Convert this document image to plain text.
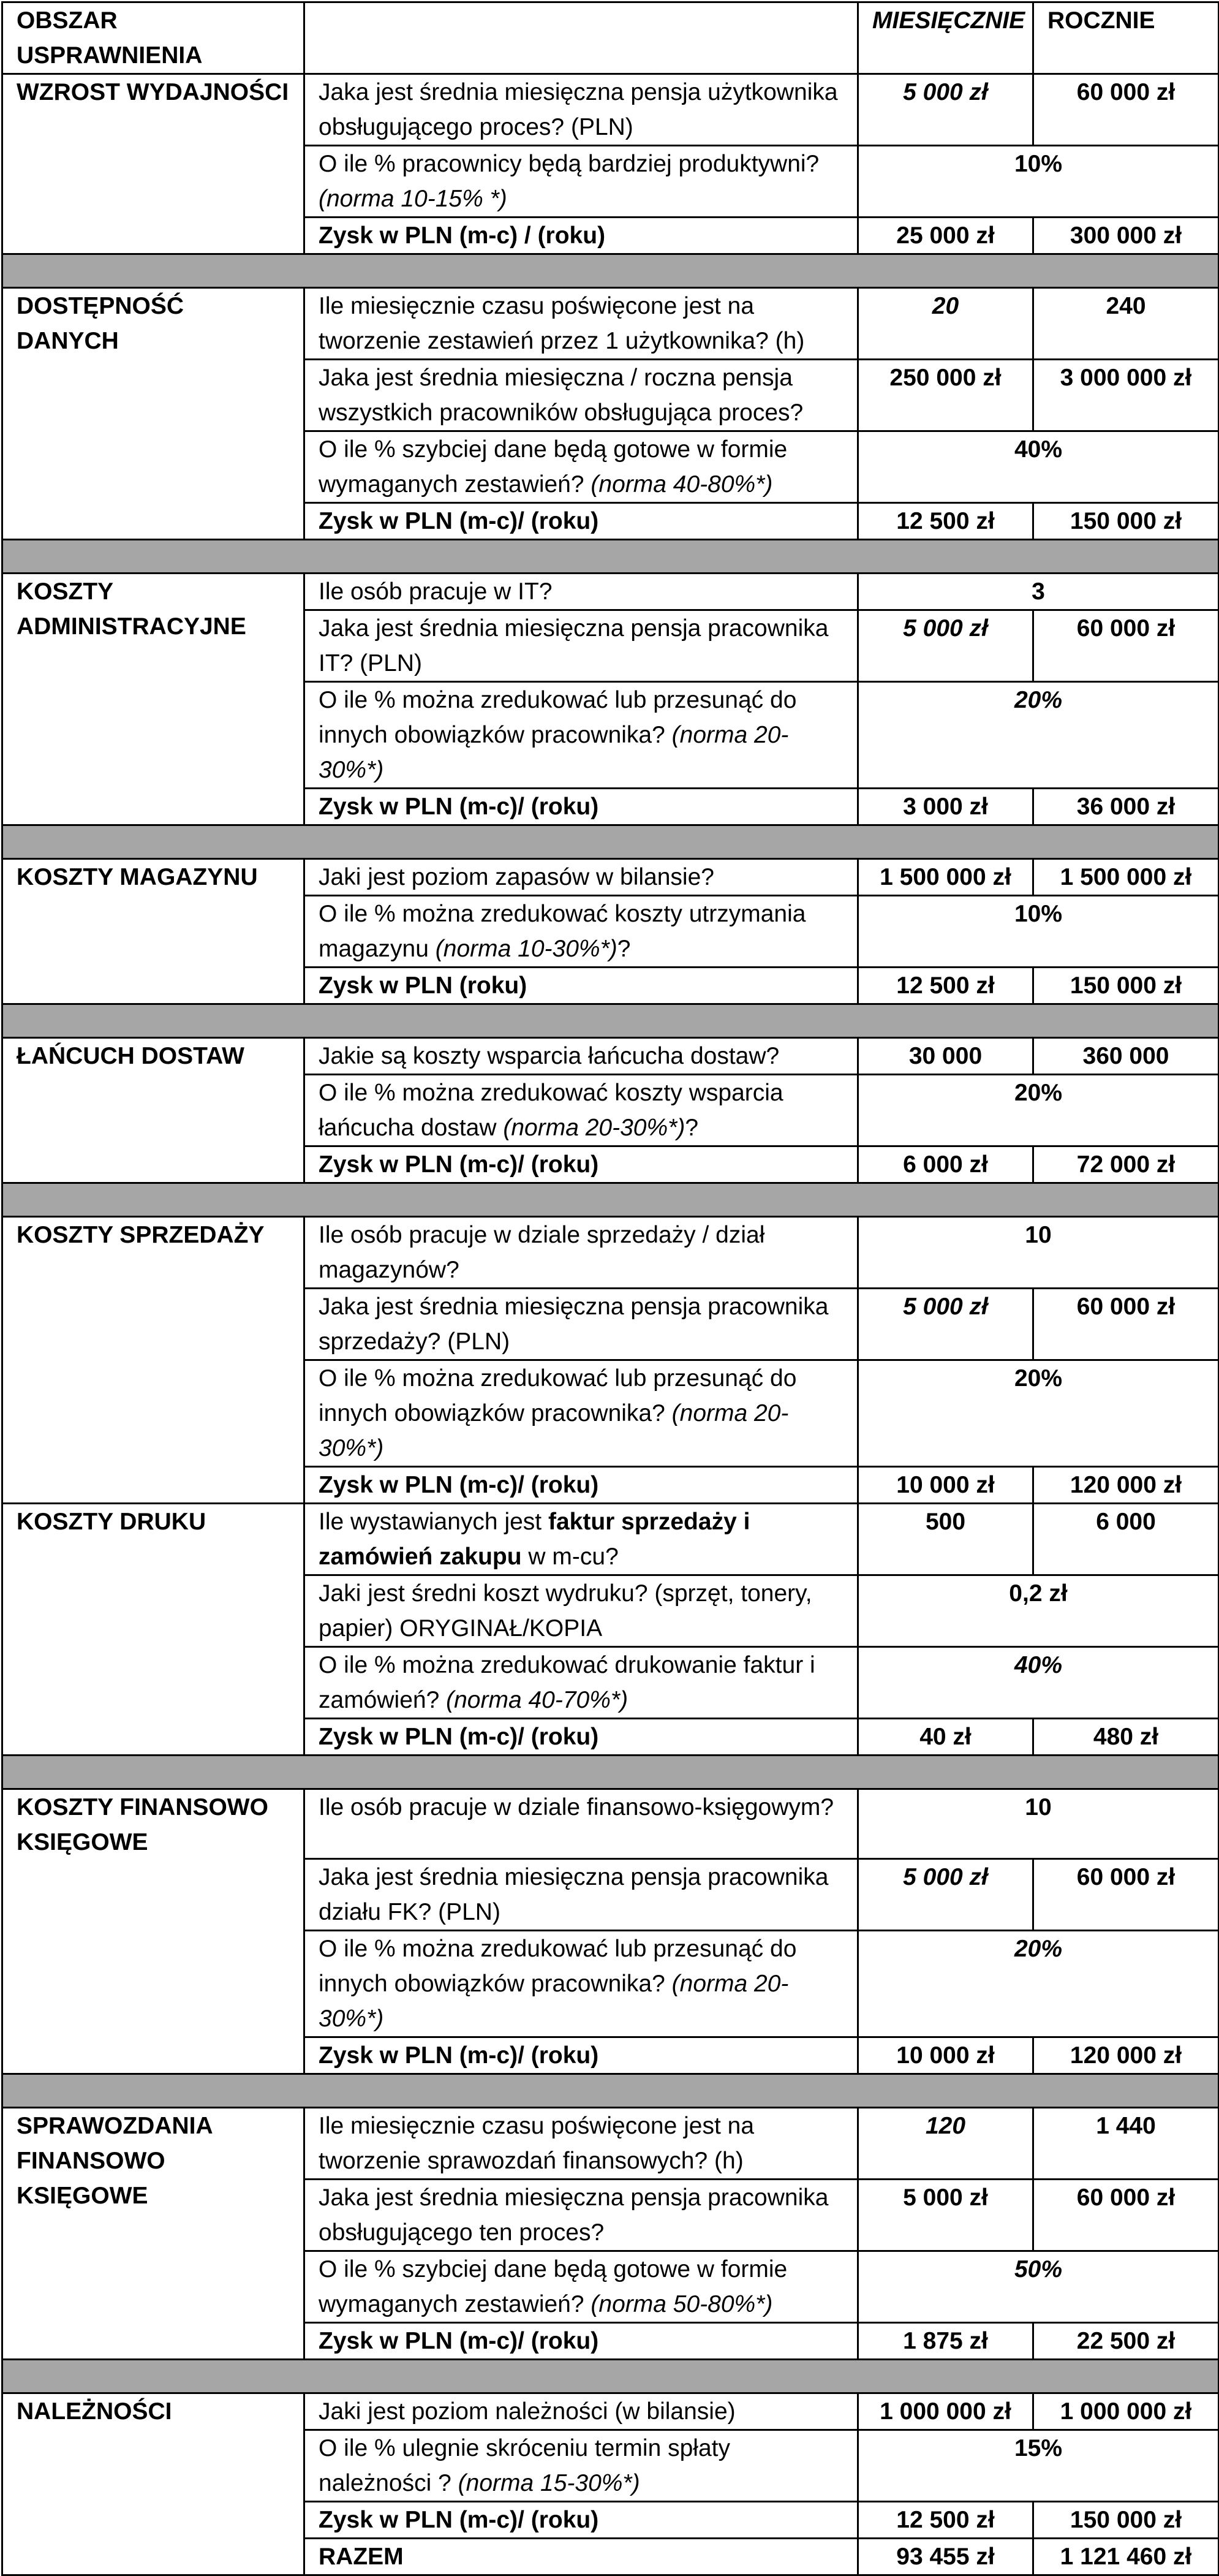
OBSZAR USPRAWNIENIA		MIESIĘCZNIE	ROCZNIE
WZROST WYDAJNOŚCI	Jaka jest średnia miesięczna pensja użytkownika obsługującego proces? (PLN)	5 000 zł	60 000 zł
	O ile % pracownicy będą bardziej produktywni? (norma 10-15% *)	10%	
	Zysk w PLN (m-c) / (roku)	25 000 zł	300 000 zł

DOSTĘPNOŚĆ DANYCH	Ile miesięcznie czasu poświęcone jest na tworzenie zestawień przez 1 użytkownika? (h)	20	240
	Jaka jest średnia miesięczna / roczna pensja wszystkich pracowników obsługująca proces?	250 000 zł	3 000 000 zł
	O ile % szybciej dane będą gotowe w formie wymaganych zestawień? (norma 40-80%*)	40%	
	Zysk w PLN (m-c)/ (roku)	12 500 zł	150 000 zł

KOSZTY ADMINISTRACYJNE	Ile osób pracuje w IT?	3	
	Jaka jest średnia miesięczna pensja pracownika IT? (PLN)	5 000 zł	60 000 zł
	O ile % można zredukować lub przesunąć do innych obowiązków pracownika? (norma 20-30%*)	20%	
	Zysk w PLN (m-c)/ (roku)	3 000 zł	36 000 zł

KOSZTY MAGAZYNU	Jaki jest poziom zapasów w bilansie?	1 500 000 zł	1 500 000 zł
	O ile % można zredukować koszty utrzymania magazynu (norma 10-30%*)?	10%	
	Zysk w PLN (roku)	12 500 zł	150 000 zł

ŁAŃCUCH DOSTAW	Jakie są koszty wsparcia łańcucha dostaw?	30 000	360 000
	O ile % można zredukować koszty wsparcia łańcucha dostaw (norma 20-30%*)?	20%	
	Zysk w PLN (m-c)/ (roku)	6 000 zł	72 000 zł

KOSZTY SPRZEDAŻY	Ile osób pracuje w dziale sprzedaży / dział magazynów?	10	
	Jaka jest średnia miesięczna pensja pracownika sprzedaży? (PLN)	5 000 zł	60 000 zł
	O ile % można zredukować lub przesunąć do innych obowiązków pracownika? (norma 20-30%*)	20%	
	Zysk w PLN (m-c)/ (roku)	10 000 zł	120 000 zł
KOSZTY DRUKU	Ile wystawianych jest faktur sprzedaży i zamówień zakupu w m-cu?	500	6 000
	Jaki jest średni koszt wydruku? (sprzęt, tonery, papier) ORYGINAŁ/KOPIA	0,2 zł	
	O ile % można zredukować drukowanie faktur i zamówień? (norma 40-70%*)	40%	
	Zysk w PLN (m-c)/ (roku)	40 zł	480 zł

KOSZTY FINANSOWO KSIĘGOWE	Ile osób pracuje w dziale finansowo-księgowym?	10	
	Jaka jest średnia miesięczna pensja pracownika działu FK? (PLN)	5 000 zł	60 000 zł
	O ile % można zredukować lub przesunąć do innych obowiązków pracownika? (norma 20-30%*)	20%	
	Zysk w PLN (m-c)/ (roku)	10 000 zł	120 000 zł

SPRAWOZDANIA FINANSOWO KSIĘGOWE	Ile miesięcznie czasu poświęcone jest na tworzenie sprawozdań finansowych? (h)	120	1 440
	Jaka jest średnia miesięczna pensja pracownika obsługującego ten proces?	5 000 zł	60 000 zł
	O ile % szybciej dane będą gotowe w formie wymaganych zestawień? (norma 50-80%*)	50%	
	Zysk w PLN (m-c)/ (roku)	1 875 zł	22 500 zł

NALEŻNOŚCI	Jaki jest poziom należności (w bilansie)	1 000 000 zł	1 000 000 zł
	O ile % ulegnie skróceniu termin spłaty należności ? (norma 15-30%*)	15%	
	Zysk w PLN (m-c)/ (roku)	12 500 zł	150 000 zł
	RAZEM	93 455 zł	1 121 460 zł
